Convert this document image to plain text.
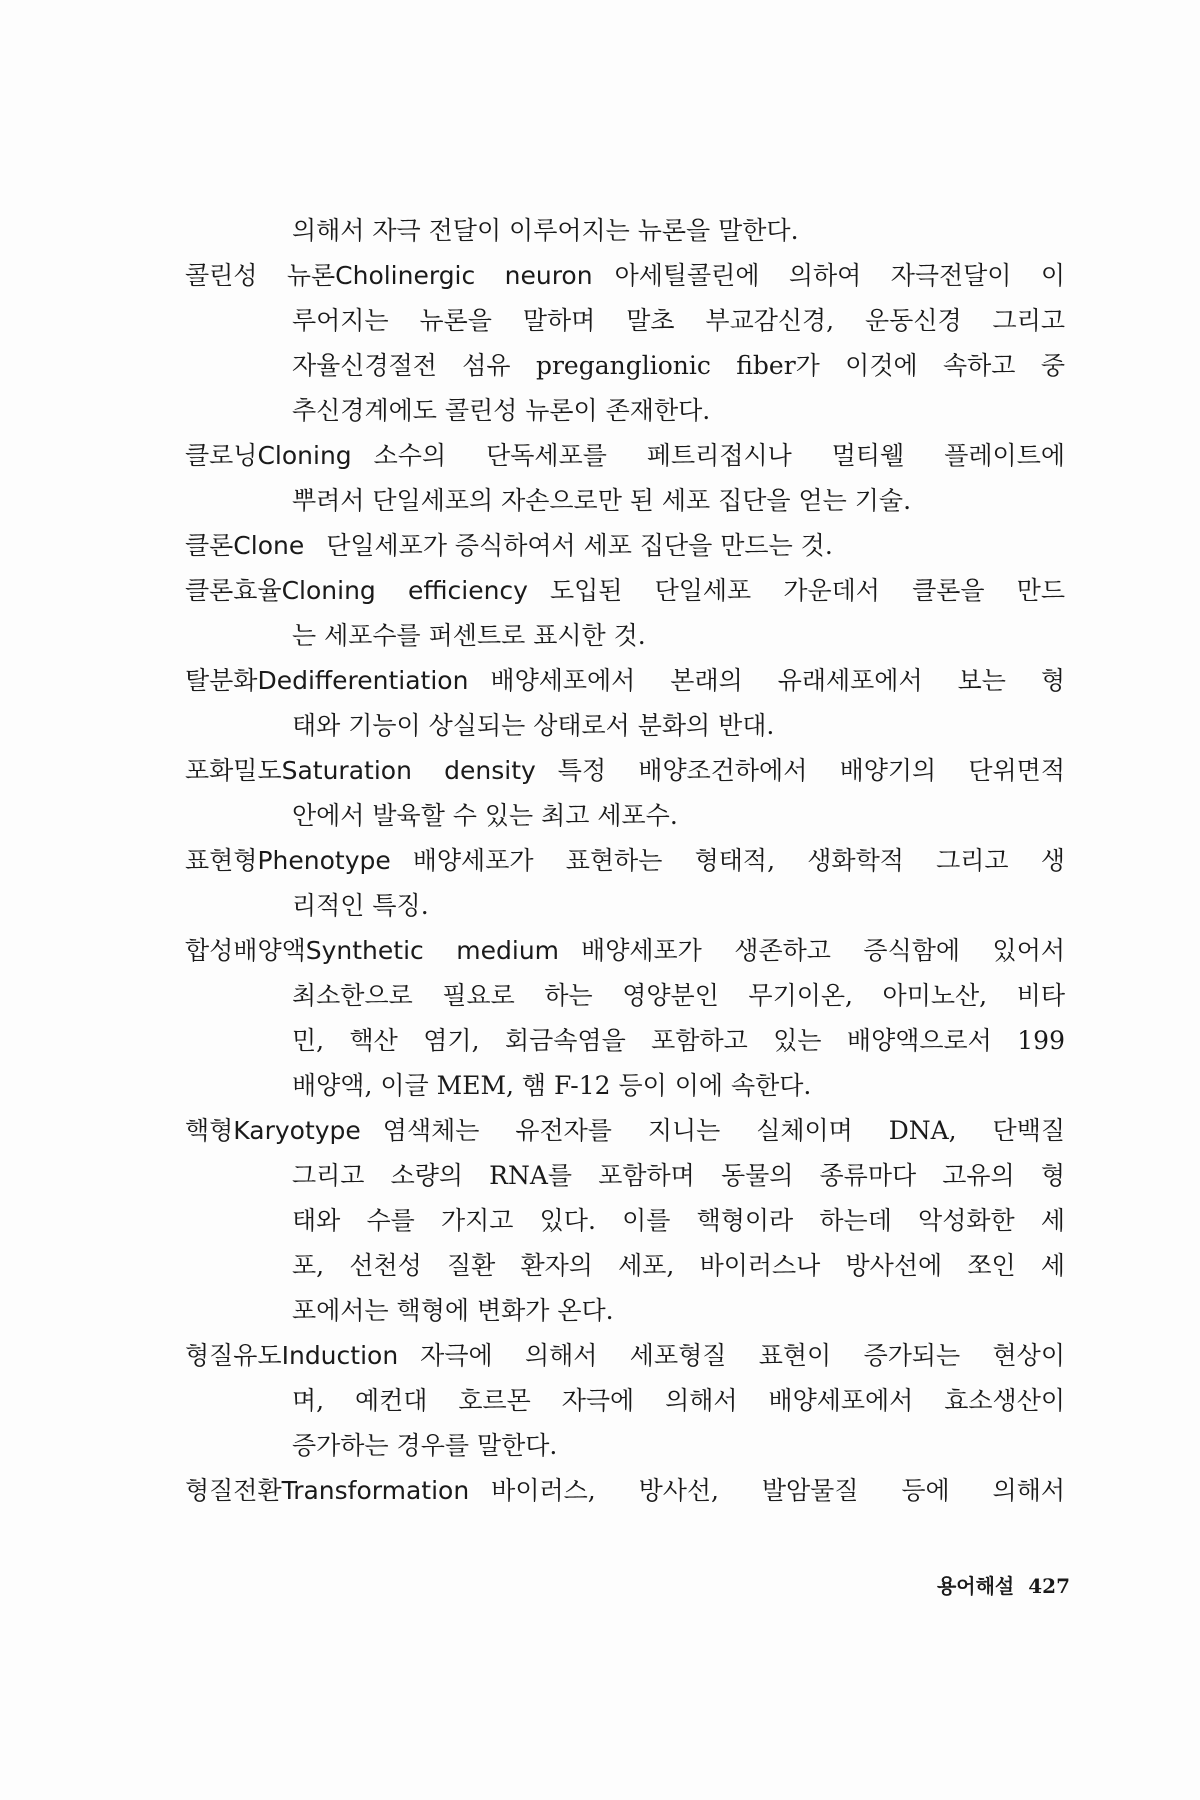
의해서 자극 전달이 이루어지는 뉴론을 말한다.
콜린성 뉴론Cholinergic neuron 아세틸콜린에 의하여 자극전달이 이
루어지는 뉴론을 말하며 말초 부교감신경, 운동신경 그리고
자율신경절전 섬유 preganglionic fiber가 이것에 속하고 중
추신경계에도 콜린성 뉴론이 존재한다.
클로닝Cloning 소수의 단독세포를 페트리접시나 멀티웰 플레이트에
뿌려서 단일세포의 자손으로만 된 세포 집단을 얻는 기술.
클론Clone 단일세포가 증식하여서 세포 집단을 만드는 것.
클론효율Cloning efficiency 도입된 단일세포 가운데서 클론을 만드
는 세포수를 퍼센트로 표시한 것.
탈분화Dedifferentiation 배양세포에서 본래의 유래세포에서 보는 형
태와 기능이 상실되는 상태로서 분화의 반대.
포화밀도Saturation density 특정 배양조건하에서 배양기의 단위면적
안에서 발육할 수 있는 최고 세포수.
표현형Phenotype 배양세포가 표현하는 형태적, 생화학적 그리고 생
리적인 특징.
합성배양액Synthetic medium 배양세포가 생존하고 증식함에 있어서
최소한으로 필요로 하는 영양분인 무기이온, 아미노산, 비타
민, 핵산 염기, 회금속염을 포함하고 있는 배양액으로서 199
배양액, 이글 MEM, 햄 F-12 등이 이에 속한다.
핵형Karyotype 염색체는 유전자를 지니는 실체이며 DNA, 단백질
그리고 소량의 RNA를 포함하며 동물의 종류마다 고유의 형
태와 수를 가지고 있다. 이를 핵형이라 하는데 악성화한 세
포, 선천성 질환 환자의 세포, 바이러스나 방사선에 쪼인 세
포에서는 핵형에 변화가 온다.
형질유도Induction 자극에 의해서 세포형질 표현이 증가되는 현상이
며, 예컨대 호르몬 자극에 의해서 배양세포에서 효소생산이
증가하는 경우를 말한다.
형질전환Transformation 바이러스, 방사선, 발암물질 등에 의해서
용어해설 427
